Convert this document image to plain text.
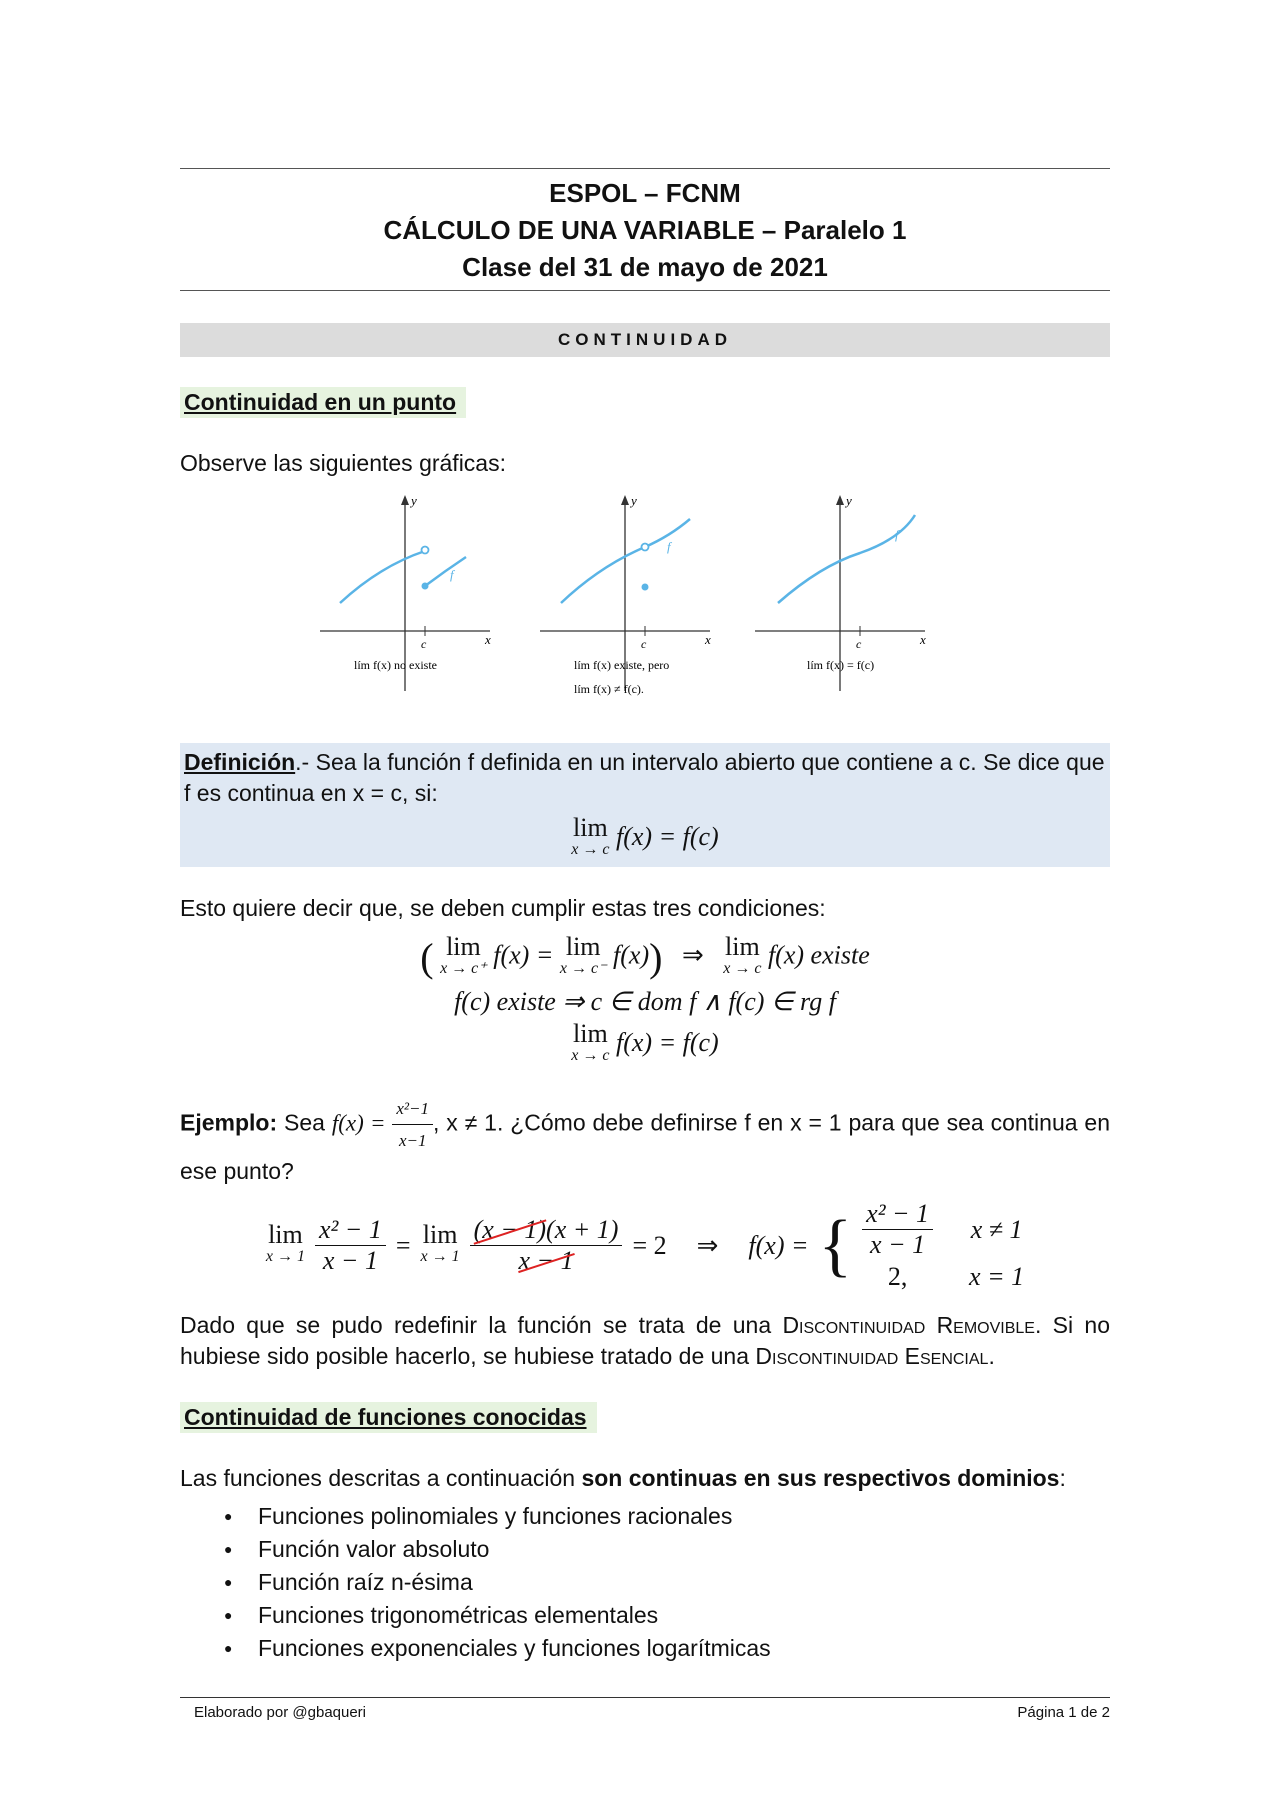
ESPOL – FCNM
CÁLCULO DE UNA VARIABLE – Paralelo 1
Clase del 31 de mayo de 2021
CONTINUIDAD
Continuidad en un punto

Observe las siguientes gráficas:

y
x
c
f
lím f(x) no existe
y
x
c
f
lím f(x) existe, pero
lím f(x) ≠ f(c).
y
x
c
f
lím f(x) = f(c)

Definición.- Sea la función f definida en un intervalo abierto que contiene a c. Se dice que f es continua en x = c, si:

lim
x → c f(x) = f(c)

Esto quiere decir que, se deben cumplir estas tres condiciones:

( lim
x → c⁺ f(x) = lim
x → c⁻ f(x)) ⇒ lim
x → c f(x) existe
f(c) existe ⇒ c ∈ dom f ∧ f(c) ∈ rg f
lim
x → c f(x) = f(c)

Ejemplo: Sea $f(x) = \frac{\text{x²−1}}{x-1}$ , x ≠ 1. ¿Cómo debe definirse f en x = 1 para que sea continua en ese punto?

lim
$x \to 1 \frac{\text{x² − 1}}{x - 1} = \lim$
$x \to 1 \frac{(x - 1)(x + 1)}{x - 1} = 2$ ⇒ f(x) = { $\frac{\text{x² − 1}}{x - 1}$ x ≠ 1
2,	x = 1

Dado que se pudo redefinir la función se trata de una Discontinuidad Removible. Si no hubiese sido posible hacerlo, se hubiese tratado de una Discontinuidad Esencial.

Continuidad de funciones conocidas

Las funciones descritas a continuación son continuas en sus respectivos dominios:

● Funciones polinomiales y funciones racionales
● Función valor absoluto
● Función raíz n-ésima
● Funciones trigonométricas elementales
● Funciones exponenciales y funciones logarítmicas
Elaborado por @gbaqueri	Página 1 de 2
